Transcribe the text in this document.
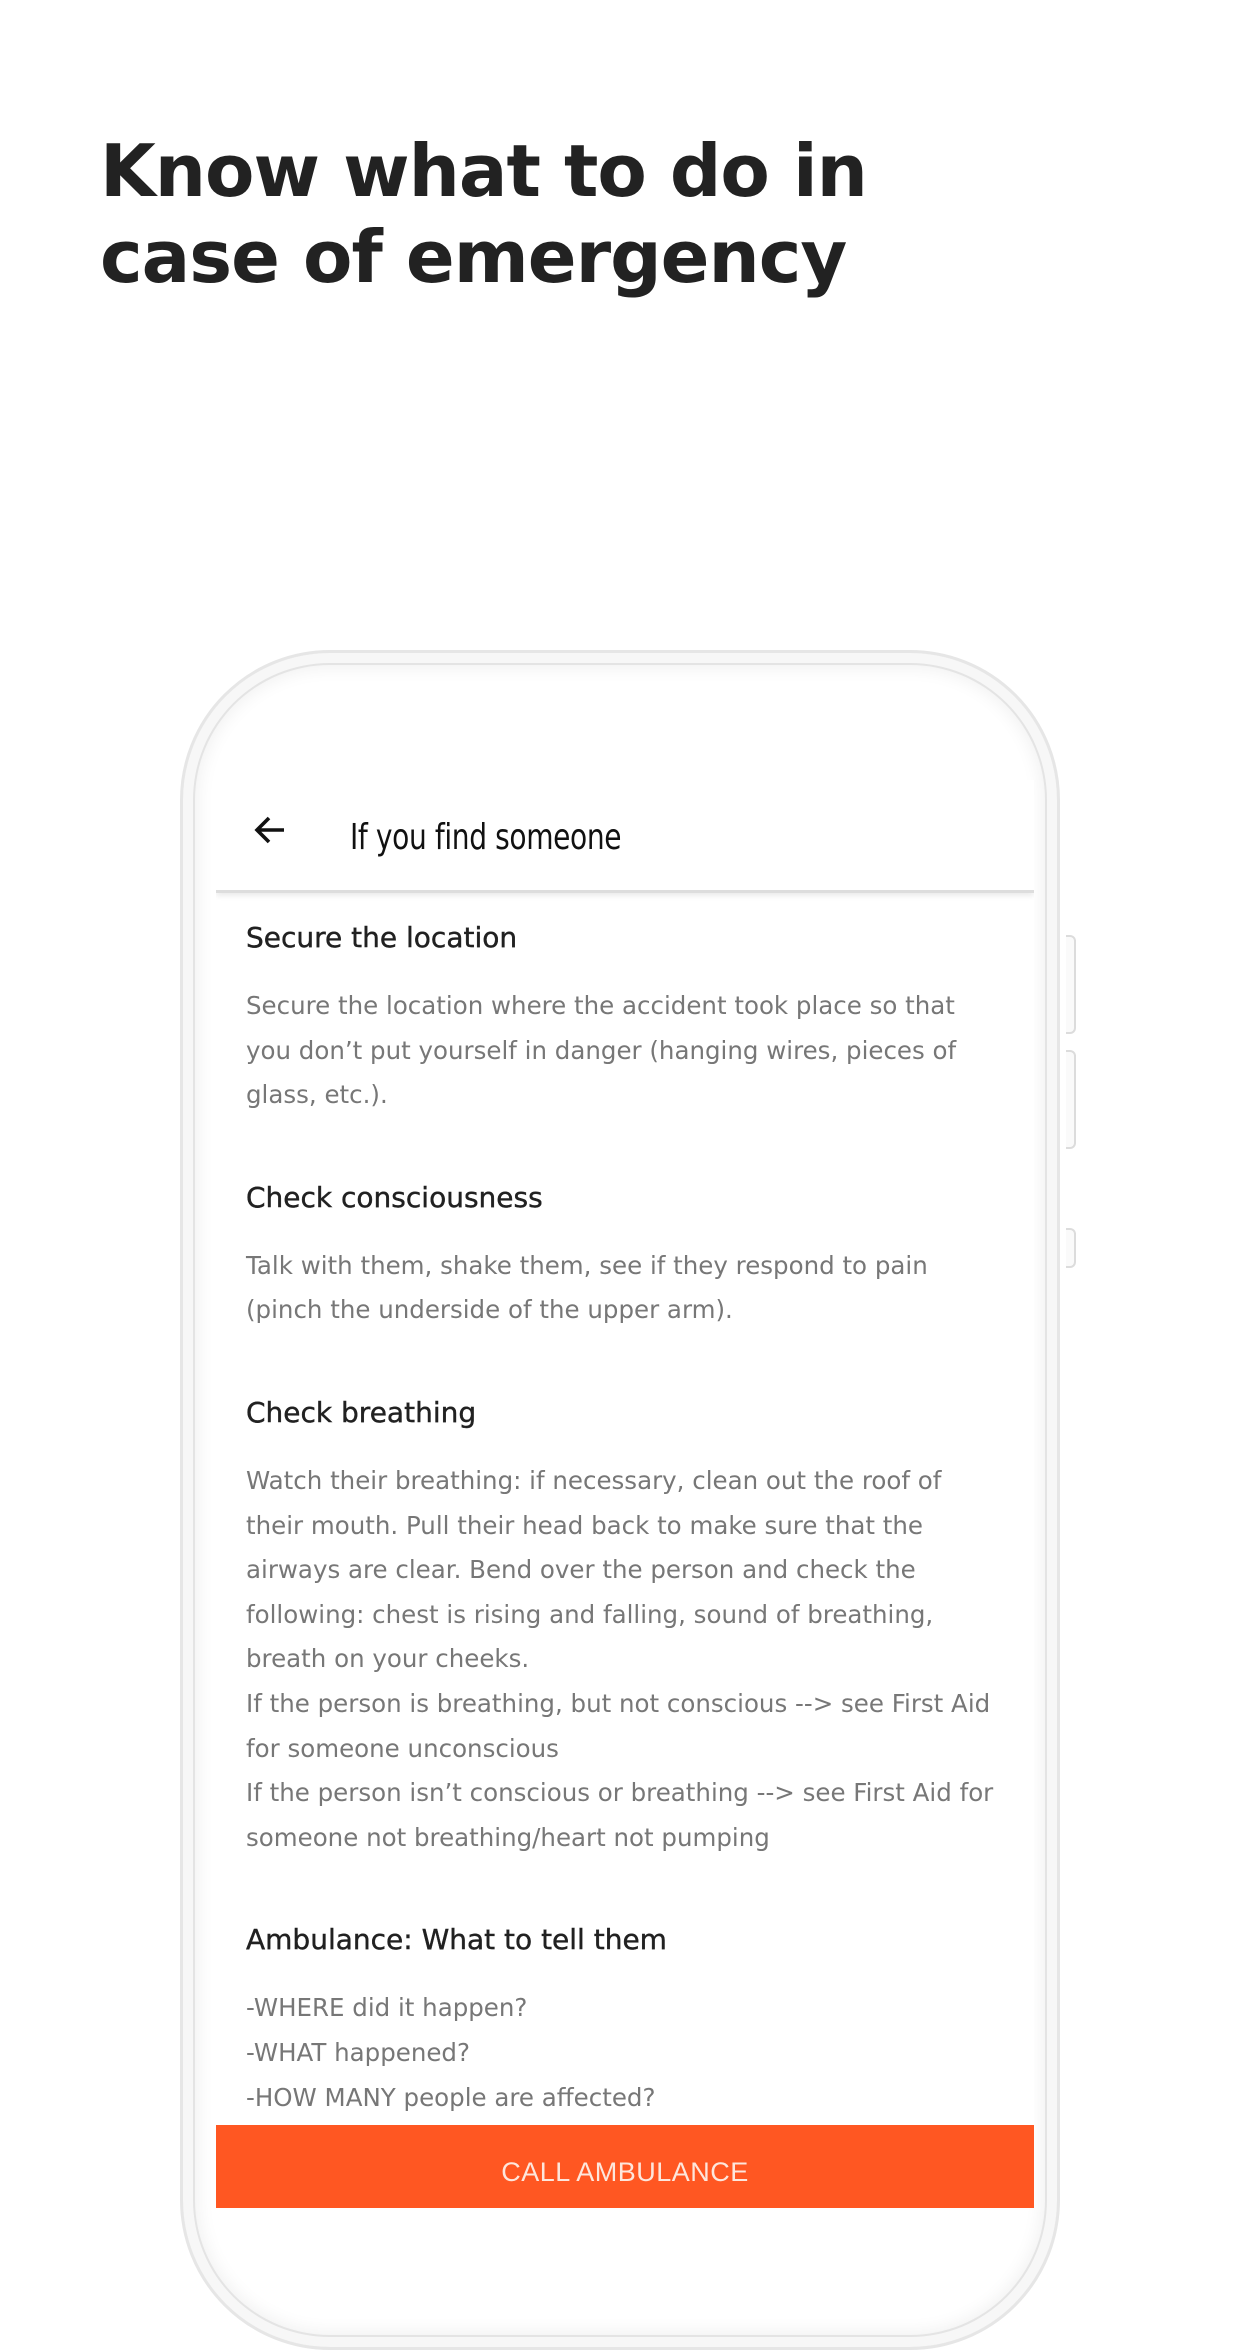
Know what to do in
case of emergency
If you find someone
Secure the location

Secure the location where the accident took place so that
you don’t put yourself in danger (hanging wires, pieces of
glass, etc.).

Check consciousness

Talk with them, shake them, see if they respond to pain
(pinch the underside of the upper arm).

Check breathing

Watch their breathing: if necessary, clean out the roof of
their mouth. Pull their head back to make sure that the
airways are clear. Bend over the person and check the
following: chest is rising and falling, sound of breathing,
breath on your cheeks.
If the person is breathing, but not conscious --> see First Aid
for someone unconscious
If the person isn’t conscious or breathing --> see First Aid for
someone not breathing/heart not pumping

Ambulance: What to tell them

-WHERE did it happen?
-WHAT happened?
-HOW MANY people are affected?

CALL AMBULANCE
